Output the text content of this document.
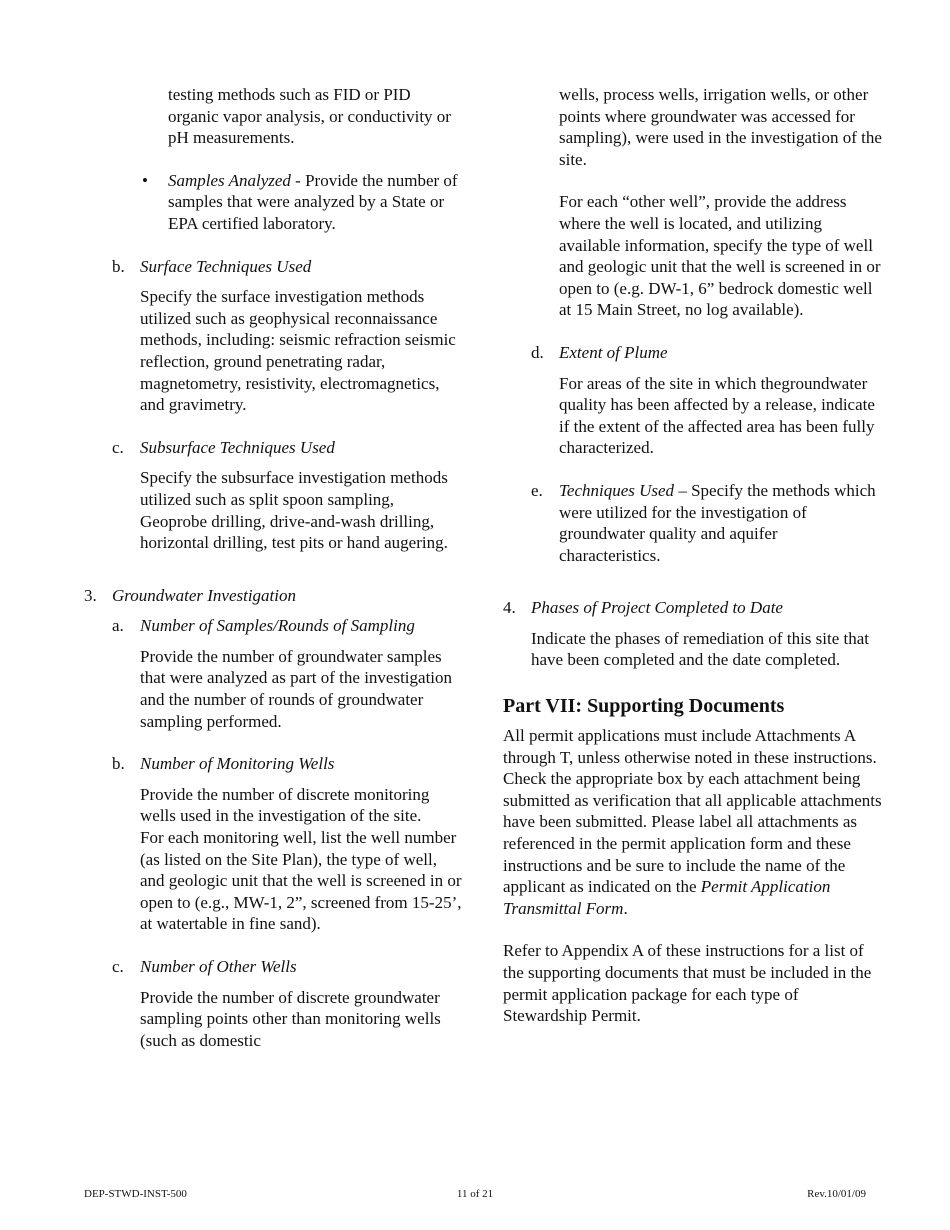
testing methods such as FID or PID organic vapor analysis, or conductivity or pH measurements.

• Samples Analyzed - Provide the number of samples that were analyzed by a State or EPA certified laboratory.

b. Surface Techniques Used

Specify the surface investigation methods utilized such as geophysical reconnaissance methods, including: seismic refraction seismic reflection, ground penetrating radar, magnetometry, resistivity, electromagnetics, and gravimetry.

c. Subsurface Techniques Used

Specify the subsurface investigation methods utilized such as split spoon sampling, Geoprobe drilling, drive-and-wash drilling, horizontal drilling, test pits or hand augering.

3. Groundwater Investigation
a. Number of Samples/Rounds of Sampling

Provide the number of groundwater samples that were analyzed as part of the investigation and the number of rounds of groundwater sampling performed.

b. Number of Monitoring Wells

Provide the number of discrete monitoring wells used in the investigation of the site.

For each monitoring well, list the well number (as listed on the Site Plan), the type of well, and geologic unit that the well is screened in or open to (e.g., MW-1, 2”, screened from 15-25’, at watertable in fine sand).

c. Number of Other Wells

Provide the number of discrete groundwater sampling points other than monitoring wells (such as domestic

wells, process wells, irrigation wells, or other points where groundwater was accessed for sampling), were used in the investigation of the site.

For each “other well”, provide the address where the well is located, and utilizing available information, specify the type of well and geologic unit that the well is screened in or open to (e.g. DW-1, 6” bedrock domestic well at 15 Main Street, no log available).

d. Extent of Plume

For areas of the site in which thegroundwater quality has been affected by a release, indicate if the extent of the affected area has been fully characterized.

e. Techniques Used – Specify the methods which were utilized for the investigation of groundwater quality and aquifer characteristics.

4. Phases of Project Completed to Date

Indicate the phases of remediation of this site that have been completed and the date completed.

Part VII: Supporting Documents

All permit applications must include Attachments A through T, unless otherwise noted in these instructions. Check the appropriate box by each attachment being submitted as verification that all applicable attachments have been submitted. Please label all attachments as referenced in the permit application form and these instructions and be sure to include the name of the applicant as indicated on the Permit Application Transmittal Form.

Refer to Appendix A of these instructions for a list of the supporting documents that must be included in the permit application package for each type of Stewardship Permit.

11 of 21
DEP-STWD-INST-500	Rev.10/01/09
